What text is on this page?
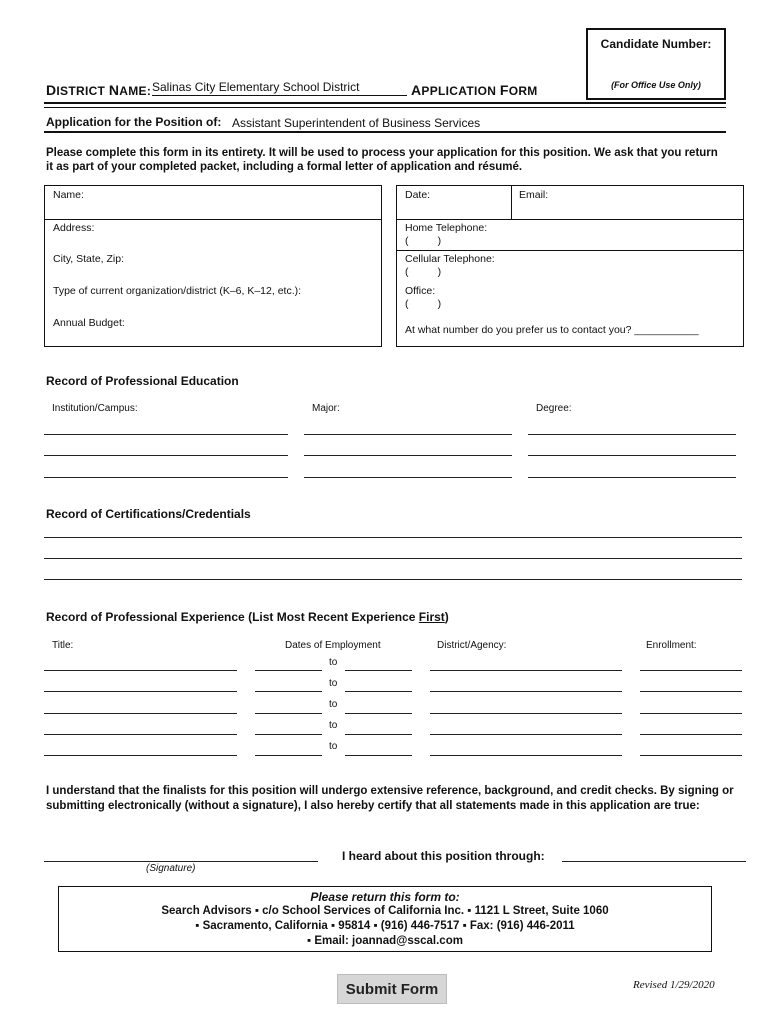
Candidate Number:
(For Office Use Only)
DISTRICT NAME: Salinas City Elementary School District	APPLICATION FORM
Application for the Position of: Assistant Superintendent of Business Services
Please complete this form in its entirety. It will be used to process your application for this position. We ask that you return it as part of your completed packet, including a formal letter of application and résumé.
Name:
Address:
City, State, Zip:
Type of current organization/district (K–6, K–12, etc.):
Annual Budget:
Date:	Email:
Home Telephone:
(          )
Cellular Telephone:
(          )
Office:
(          )
At what number do you prefer us to contact you? ___________
Record of Professional Education
Institution/Campus:	Major:	Degree:
Record of Certifications/Credentials
Record of Professional Experience (List Most Recent Experience First)
Title:	Dates of Employment	District/Agency:	Enrollment:
to
to
to
to
to
I understand that the finalists for this position will undergo extensive reference, background, and credit checks. By signing or submitting electronically (without a signature), I also hereby certify that all statements made in this application are true:
(Signature)
I heard about this position through:
Please return this form to:
Search Advisors ▪ c/o School Services of California Inc. ▪ 1121 L Street, Suite 1060
▪ Sacramento, California ▪ 95814 ▪ (916) 446-7517 ▪ Fax: (916) 446-2011
▪ Email: joannad@sscal.com
Submit Form	Revised 1/29/2020
